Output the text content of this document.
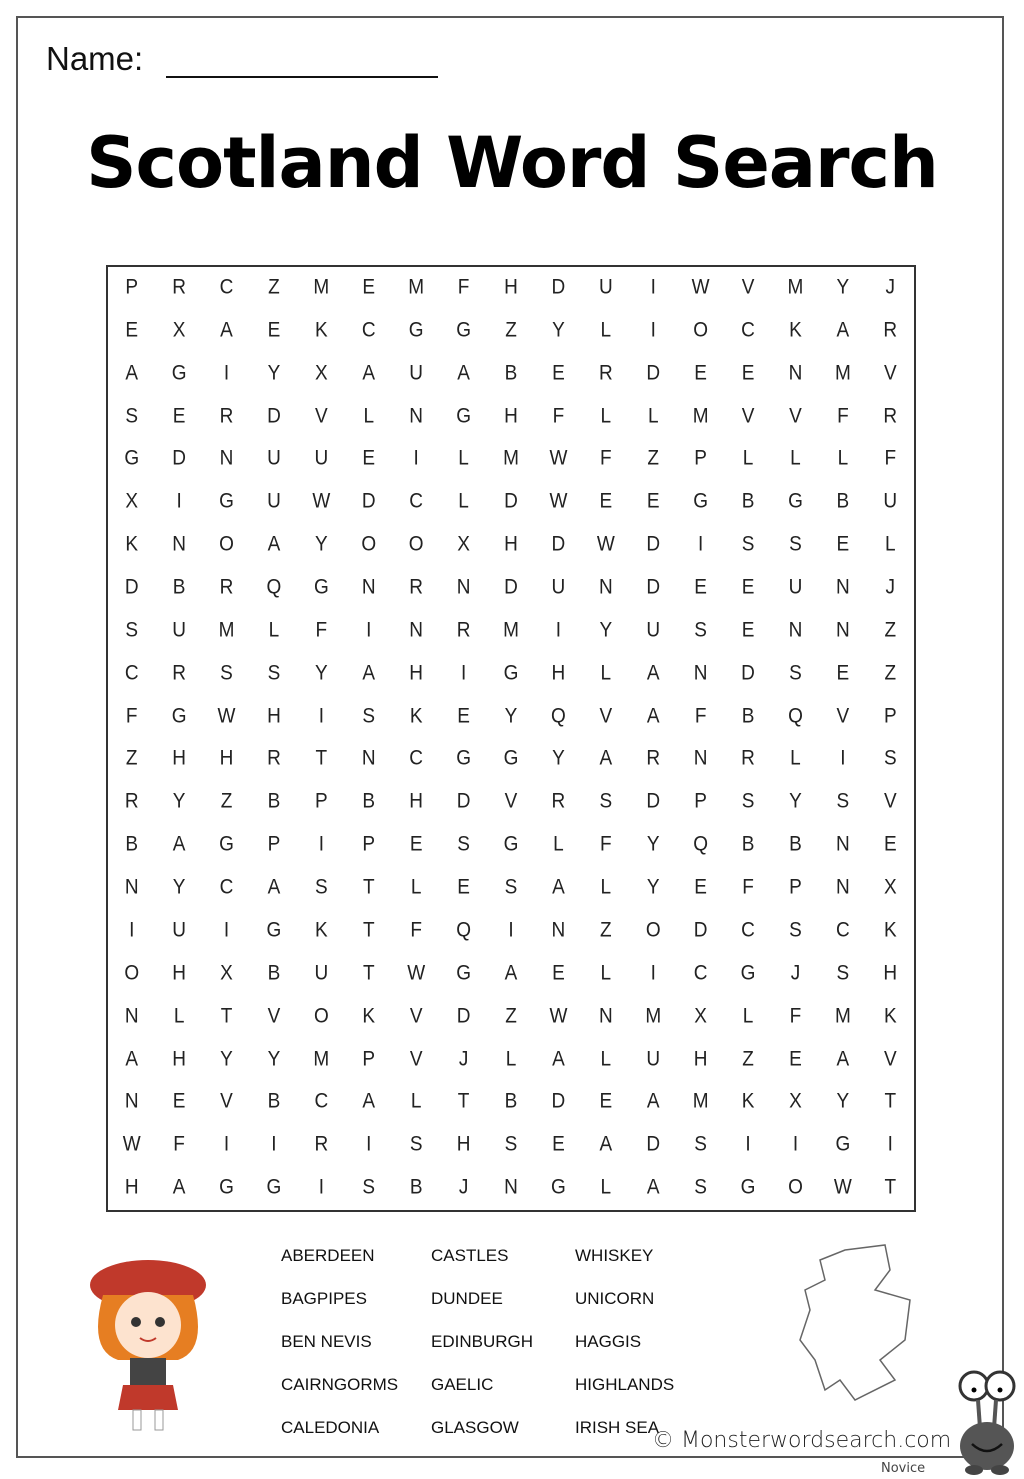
Name:
Scotland Word Search
P	R	C	Z	M	E	M	F	H	D	U	I	W	V	M	Y	J
E	X	A	E	K	C	G	G	Z	Y	L	I	O	C	K	A	R
A	G	I	Y	X	A	U	A	B	E	R	D	E	E	N	M	V
S	E	R	D	V	L	N	G	H	F	L	L	M	V	V	F	R
G	D	N	U	U	E	I	L	M	W	F	Z	P	L	L	L	F
X	I	G	U	W	D	C	L	D	W	E	E	G	B	G	B	U
K	N	O	A	Y	O	O	X	H	D	W	D	I	S	S	E	L
D	B	R	Q	G	N	R	N	D	U	N	D	E	E	U	N	J
S	U	M	L	F	I	N	R	M	I	Y	U	S	E	N	N	Z
C	R	S	S	Y	A	H	I	G	H	L	A	N	D	S	E	Z
F	G	W	H	I	S	K	E	Y	Q	V	A	F	B	Q	V	P
Z	H	H	R	T	N	C	G	G	Y	A	R	N	R	L	I	S
R	Y	Z	B	P	B	H	D	V	R	S	D	P	S	Y	S	V
B	A	G	P	I	P	E	S	G	L	F	Y	Q	B	B	N	E
N	Y	C	A	S	T	L	E	S	A	L	Y	E	F	P	N	X
I	U	I	G	K	T	F	Q	I	N	Z	O	D	C	S	C	K
O	H	X	B	U	T	W	G	A	E	L	I	C	G	J	S	H
N	L	T	V	O	K	V	D	Z	W	N	M	X	L	F	M	K
A	H	Y	Y	M	P	V	J	L	A	L	U	H	Z	E	A	V
N	E	V	B	C	A	L	T	B	D	E	A	M	K	X	Y	T
W	F	I	I	R	I	S	H	S	E	A	D	S	I	I	G	I
H	A	G	G	I	S	B	J	N	G	L	A	S	G	O	W	T
ABERDEEN	CASTLES	WHISKEY
BAGPIPES	DUNDEE	UNICORN
BEN NEVIS	EDINBURGH	HAGGIS
CAIRNGORMS	GAELIC	HIGHLANDS
CALEDONIA	GLASGOW	IRISH SEA
© Monsterwordsearch.com
Novice
